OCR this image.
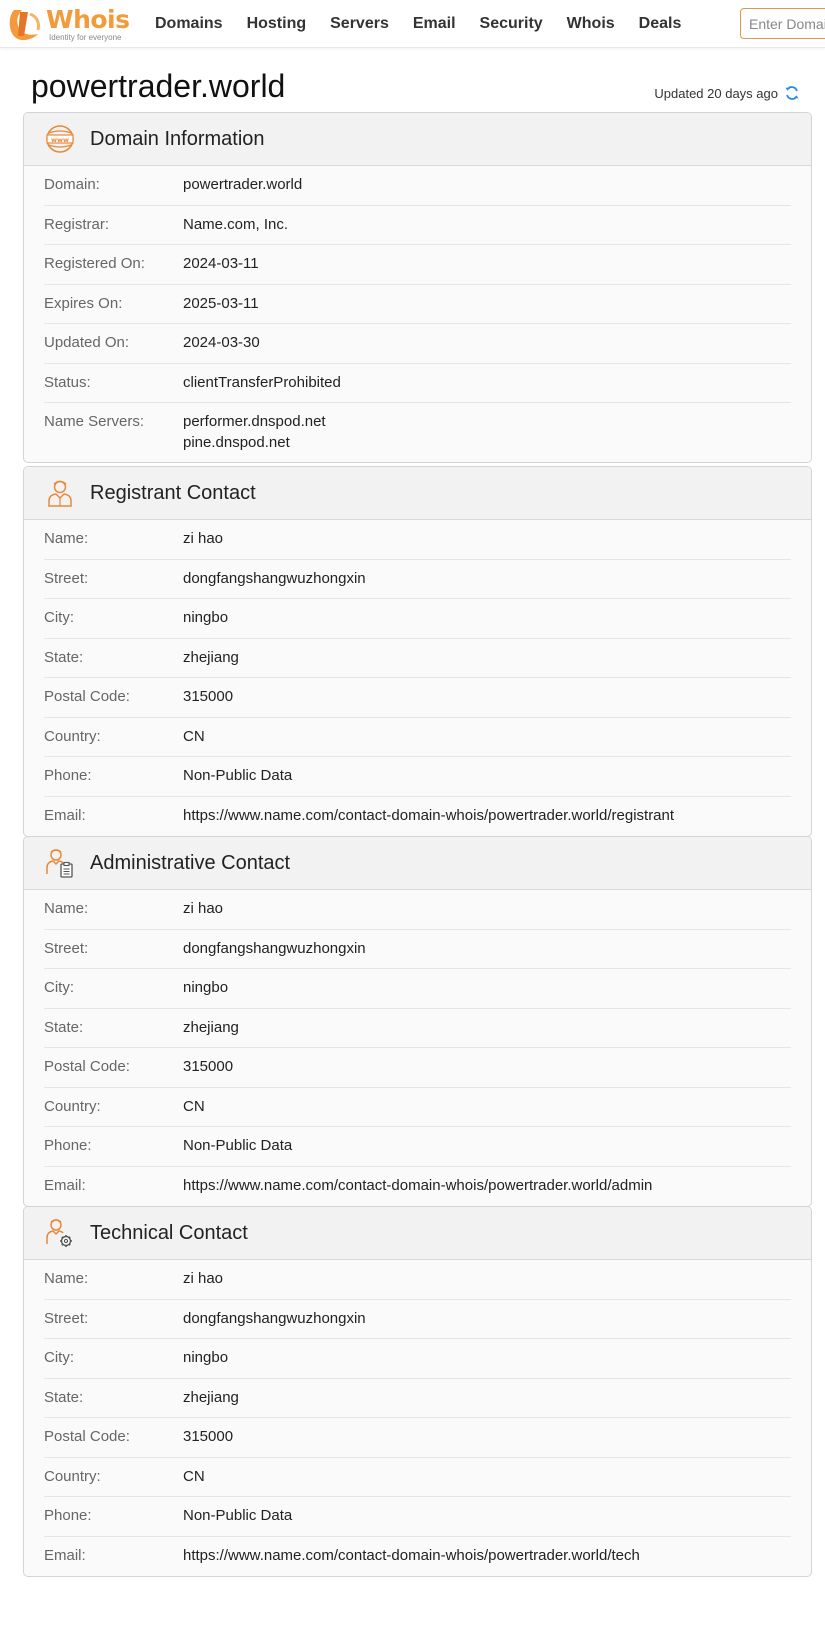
Whois
Identity for everyone
Domains Hosting Servers Email Security Whois Deals
Enter Domain
powertrader.world	Updated 20 days ago
www Domain Information
Domain:	powertrader.world
Registrar:	Name.com, Inc.
Registered On:	2024-03-11
Expires On:	2025-03-11
Updated On:	2024-03-30
Status:	clientTransferProhibited
Name Servers:	performer.dnspod.net
pine.dnspod.net
Registrant Contact
Name:	zi hao
Street:	dongfangshangwuzhongxin
City:	ningbo
State:	zhejiang
Postal Code:	315000
Country:	CN
Phone:	Non-Public Data
Email:	https://www.name.com/contact-domain-whois/powertrader.world/registrant
Administrative Contact
Name:	zi hao
Street:	dongfangshangwuzhongxin
City:	ningbo
State:	zhejiang
Postal Code:	315000
Country:	CN
Phone:	Non-Public Data
Email:	https://www.name.com/contact-domain-whois/powertrader.world/admin
Technical Contact
Name:	zi hao
Street:	dongfangshangwuzhongxin
City:	ningbo
State:	zhejiang
Postal Code:	315000
Country:	CN
Phone:	Non-Public Data
Email:	https://www.name.com/contact-domain-whois/powertrader.world/tech
